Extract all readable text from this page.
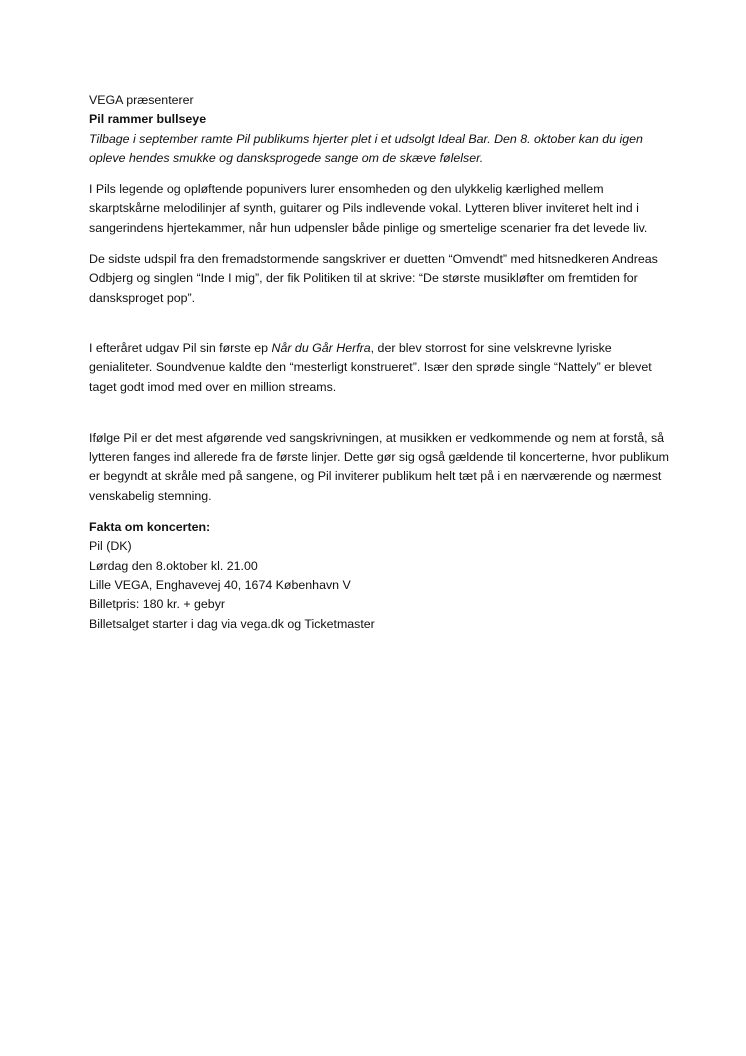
VEGA præsenterer

Pil rammer bullseye

Tilbage i september ramte Pil publikums hjerter plet i et udsolgt Ideal Bar. Den 8. oktober kan du igen opleve hendes smukke og dansksprogede sange om de skæve følelser.

I Pils legende og opløftende popunivers lurer ensomheden og den ulykkelig kærlighed mellem skarptskårne melodilinjer af synth, guitarer og Pils indlevende vokal. Lytteren bliver inviteret helt ind i sangerindens hjertekammer, når hun udpensler både pinlige og smertelige scenarier fra det levede liv.

De sidste udspil fra den fremadstormende sangskriver er duetten “Omvendt” med hitsnedkeren Andreas Odbjerg og singlen “Inde I mig”, der fik Politiken til at skrive: “De største musikløfter om fremtiden for dansksproget pop”.

I efteråret udgav Pil sin første ep Når du Går Herfra, der blev storrost for sine velskrevne lyriske genialiteter. Soundvenue kaldte den “mesterligt konstrueret”. Især den sprøde single “Nattely” er blevet taget godt imod med over en million streams.

Ifølge Pil er det mest afgørende ved sangskrivningen, at musikken er vedkommende og nem at forstå, så lytteren fanges ind allerede fra de første linjer. Dette gør sig også gældende til koncerterne, hvor publikum er begyndt at skråle med på sangene, og Pil inviterer publikum helt tæt på i en nærværende og nærmest venskabelig stemning.

Fakta om koncerten:

Pil (DK)

Lørdag den 8.oktober kl. 21.00

Lille VEGA, Enghavevej 40, 1674 København V

Billetpris: 180 kr. + gebyr

Billetsalget starter i dag via vega.dk og Ticketmaster
